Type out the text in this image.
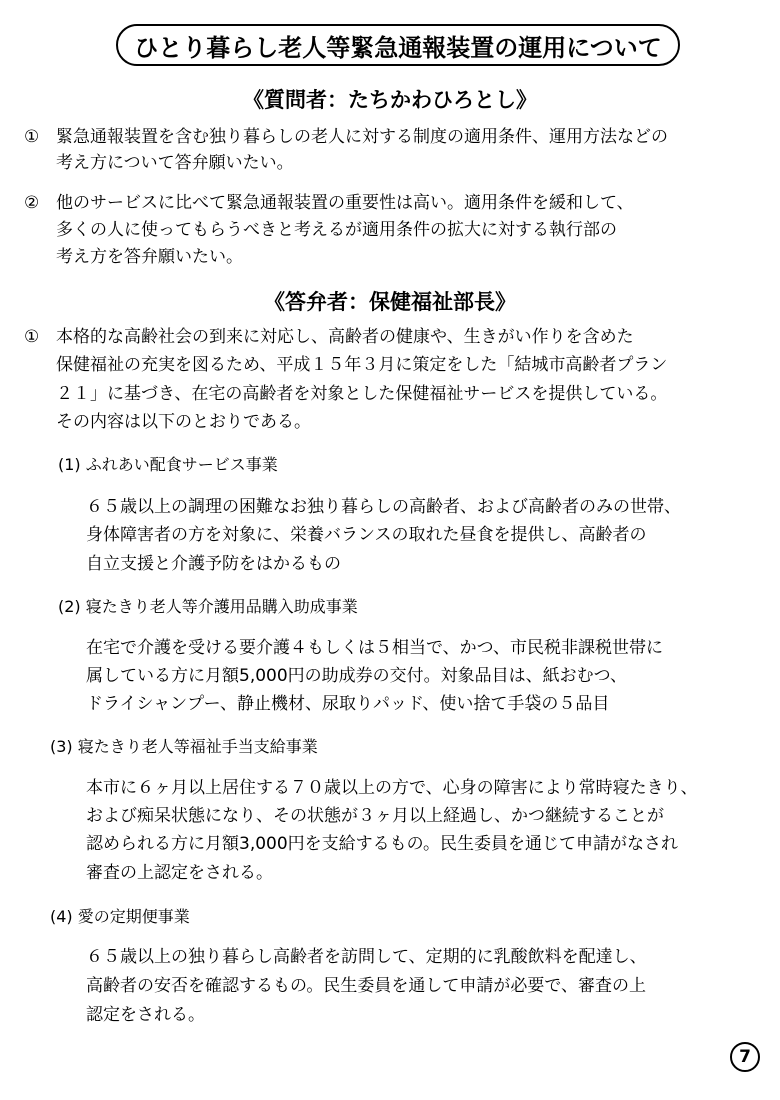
ひとり暮らし老人等緊急通報装置の運用について
《質問者：たちかわひろとし》
① 緊急通報装置を含む独り暮らしの老人に対する制度の適用条件、運用方法などの
考え方について答弁願いたい。
② 他のサービスに比べて緊急通報装置の重要性は高い。適用条件を緩和して、
多くの人に使ってもらうべきと考えるが適用条件の拡大に対する執行部の
考え方を答弁願いたい。
《答弁者：保健福祉部長》
① 本格的な高齢社会の到来に対応し、高齢者の健康や、生きがい作りを含めた
保健福祉の充実を図るため、平成１５年３月に策定をした「結城市高齢者プラン
２１」に基づき、在宅の高齢者を対象とした保健福祉サービスを提供している。
その内容は以下のとおりである。
(1) ふれあい配食サービス事業
６５歳以上の調理の困難なお独り暮らしの高齢者、および高齢者のみの世帯、
身体障害者の方を対象に、栄養バランスの取れた昼食を提供し、高齢者の
自立支援と介護予防をはかるもの
(2) 寝たきり老人等介護用品購入助成事業
在宅で介護を受ける要介護４もしくは５相当で、かつ、市民税非課税世帯に
属している方に月額5,000円の助成券の交付。対象品目は、紙おむつ、
ドライシャンプー、静止機材、尿取りパッド、使い捨て手袋の５品目
(3) 寝たきり老人等福祉手当支給事業
本市に６ヶ月以上居住する７０歳以上の方で、心身の障害により常時寝たきり、
および痴呆状態になり、その状態が３ヶ月以上経過し、かつ継続することが
認められる方に月額3,000円を支給するもの。民生委員を通じて申請がなされ
審査の上認定をされる。
(4) 愛の定期便事業
６５歳以上の独り暮らし高齢者を訪問して、定期的に乳酸飲料を配達し、
高齢者の安否を確認するもの。民生委員を通して申請が必要で、審査の上
認定をされる。
7
